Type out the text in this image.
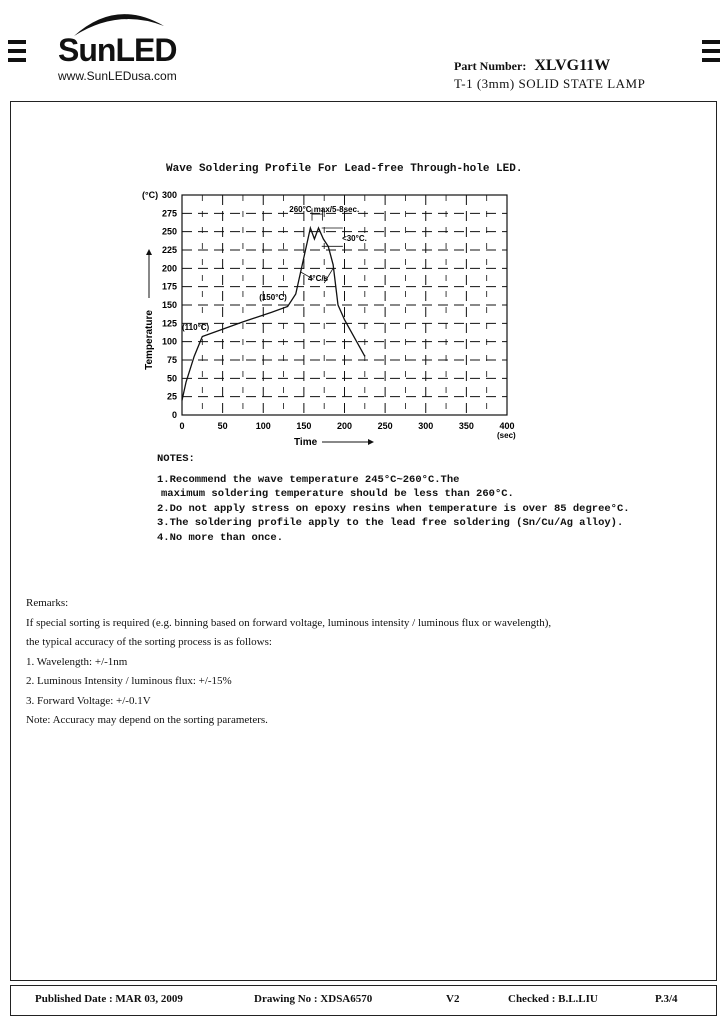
SunLED
www.SunLEDusa.com
Part Number: XLVG11W
T-1 (3mm) SOLID STATE LAMP
Wave Soldering Profile For Lead-free Through-hole LED.
0	50	100	150	200	250	300	350	400
0
25
50
75
100
125
150
175
200
225
250
275
300
(°C)
(sec)
Time
Temperature
260°C max/5-8sec.
<30°C.
4°C/s
(150°C)
(110°C)
NOTES:
1.Recommend the wave temperature 245°C~260°C.The
maximum soldering temperature should be less than 260°C.
2.Do not apply stress on epoxy resins when temperature is over 85 degree°C.
3.The soldering profile apply to the lead free soldering (Sn/Cu/Ag alloy).
4.No more than once.
Remarks:
If special sorting is required (e.g. binning based on forward voltage, luminous intensity / luminous flux or wavelength),
the typical accuracy of the sorting process is as follows:
1. Wavelength: +/-1nm
2. Luminous Intensity / luminous flux: +/-15%
3. Forward Voltage: +/-0.1V
Note: Accuracy may depend on the sorting parameters.
Published Date : MAR 03, 2009	Drawing No : XDSA6570	V2	Checked : B.L.LIU	P.3/4
